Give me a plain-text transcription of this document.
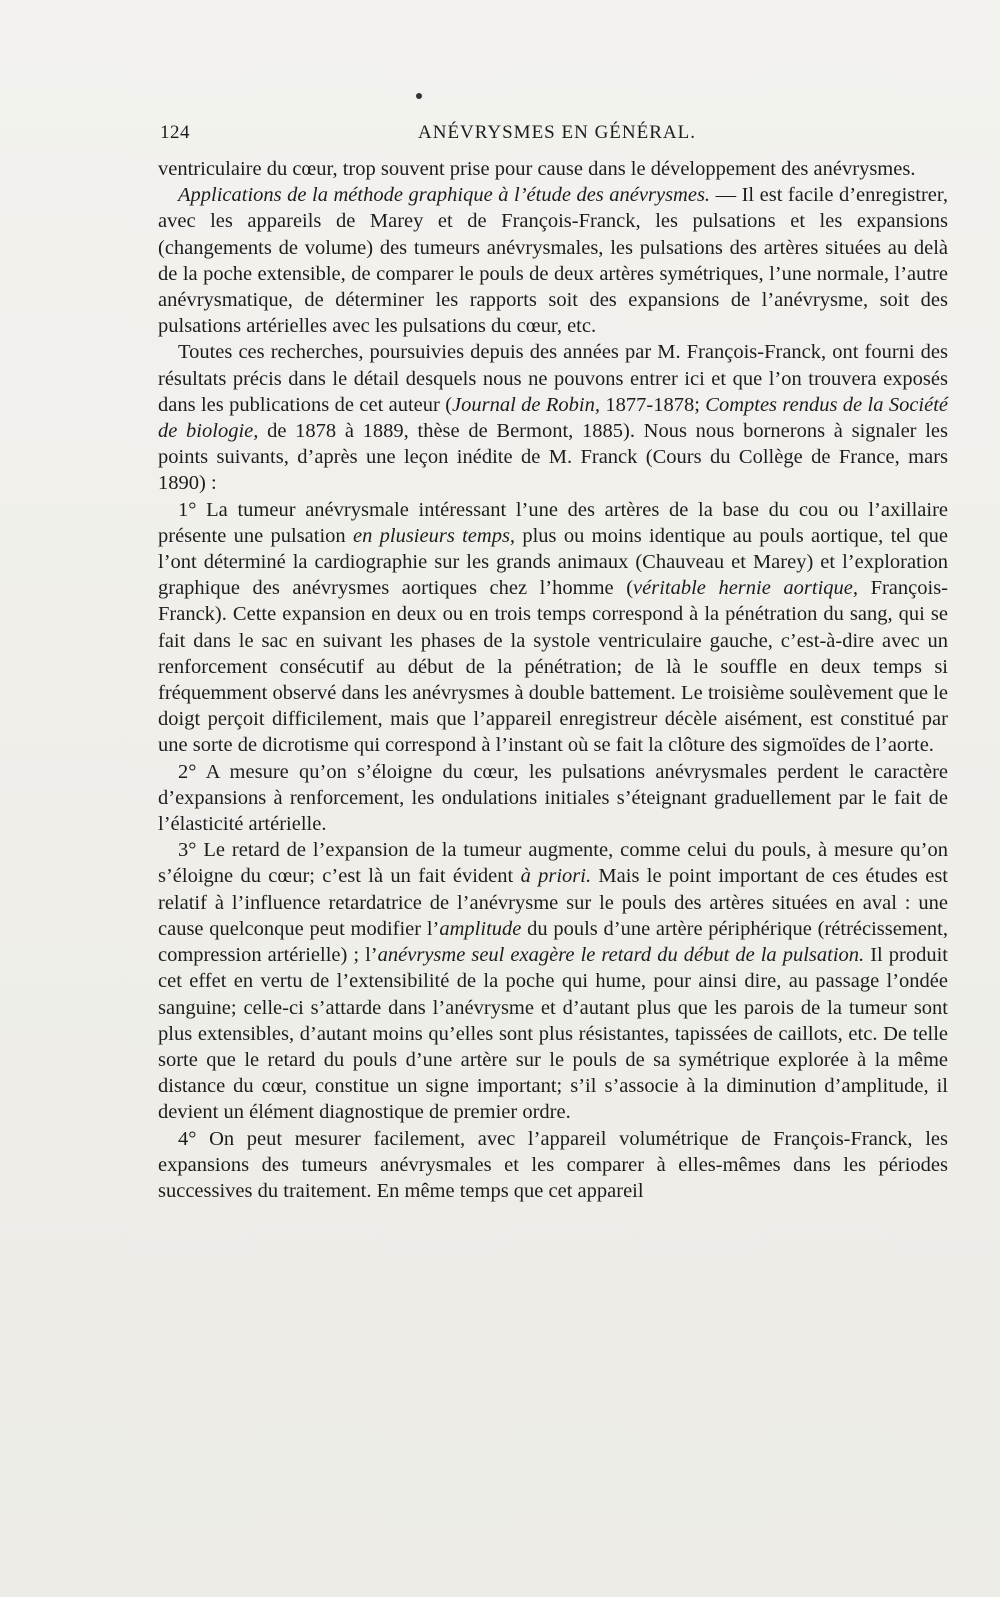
124	ANÉVRYSMES EN GÉNÉRAL.

ventriculaire du cœur, trop souvent prise pour cause dans le développement des anévrysmes.

Applications de la méthode graphique à l’étude des anévrysmes. — Il est facile d’enregistrer, avec les appareils de Marey et de François-Franck, les pulsations et les expansions (changements de volume) des tumeurs anévrysmales, les pulsations des artères situées au delà de la poche extensible, de comparer le pouls de deux artères symétriques, l’une normale, l’autre anévrysmatique, de déterminer les rapports soit des expansions de l’anévrysme, soit des pulsations artérielles avec les pulsations du cœur, etc.

Toutes ces recherches, poursuivies depuis des années par M. François-Franck, ont fourni des résultats précis dans le détail desquels nous ne pouvons entrer ici et que l’on trouvera exposés dans les publications de cet auteur (Journal de Robin, 1877-1878; Comptes rendus de la Société de biologie, de 1878 à 1889, thèse de Bermont, 1885). Nous nous bornerons à signaler les points suivants, d’après une leçon inédite de M. Franck (Cours du Collège de France, mars 1890) :

1° La tumeur anévrysmale intéressant l’une des artères de la base du cou ou l’axillaire présente une pulsation en plusieurs temps, plus ou moins identique au pouls aortique, tel que l’ont déterminé la cardiographie sur les grands animaux (Chauveau et Marey) et l’exploration graphique des anévrysmes aortiques chez l’homme (véritable hernie aortique, François-Franck). Cette expansion en deux ou en trois temps correspond à la pénétration du sang, qui se fait dans le sac en suivant les phases de la systole ventriculaire gauche, c’est-à-dire avec un renforcement consécutif au début de la pénétration; de là le souffle en deux temps si fréquemment observé dans les anévrysmes à double battement. Le troisième soulèvement que le doigt perçoit difficilement, mais que l’appareil enregistreur décèle aisément, est constitué par une sorte de dicrotisme qui correspond à l’instant où se fait la clôture des sigmoïdes de l’aorte.

2° A mesure qu’on s’éloigne du cœur, les pulsations anévrysmales perdent le caractère d’expansions à renforcement, les ondulations initiales s’éteignant graduellement par le fait de l’élasticité artérielle.

3° Le retard de l’expansion de la tumeur augmente, comme celui du pouls, à mesure qu’on s’éloigne du cœur; c’est là un fait évident à priori. Mais le point important de ces études est relatif à l’influence retardatrice de l’anévrysme sur le pouls des artères situées en aval : une cause quelconque peut modifier l’amplitude du pouls d’une artère périphérique (rétrécissement, compression artérielle) ; l’anévrysme seul exagère le retard du début de la pulsation. Il produit cet effet en vertu de l’extensibilité de la poche qui hume, pour ainsi dire, au passage l’ondée sanguine; celle-ci s’attarde dans l’anévrysme et d’autant plus que les parois de la tumeur sont plus extensibles, d’autant moins qu’elles sont plus résistantes, tapissées de caillots, etc. De telle sorte que le retard du pouls d’une artère sur le pouls de sa symétrique explorée à la même distance du cœur, constitue un signe important; s’il s’associe à la diminution d’amplitude, il devient un élément diagnostique de premier ordre.

4° On peut mesurer facilement, avec l’appareil volumétrique de François-Franck, les expansions des tumeurs anévrysmales et les comparer à elles-mêmes dans les périodes successives du traitement. En même temps que cet appareil
